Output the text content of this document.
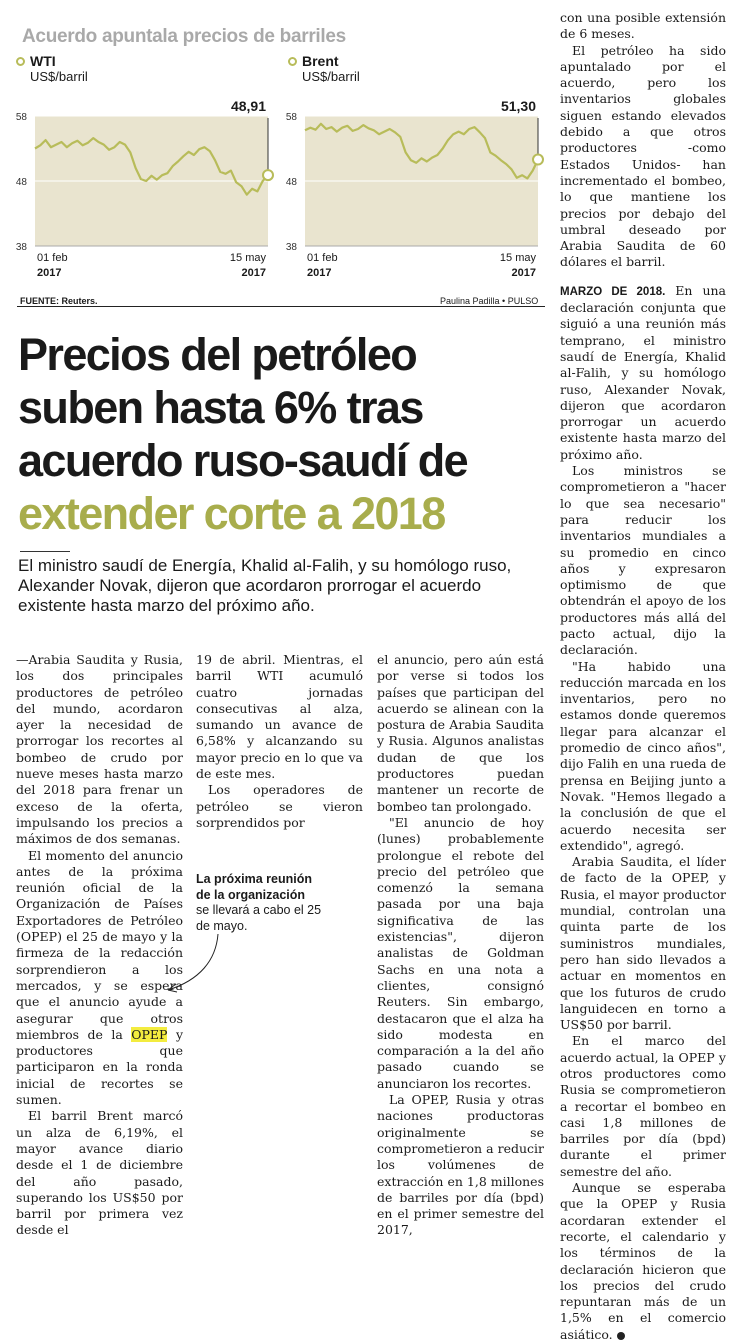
Acuerdo apuntala precios de barriles
WTI
US$/barril
Brent
US$/barril
58
48
38
48,91
01 feb
2017
15 may
2017
58
48
38
51,30
01 feb
2017
15 may
2017
FUENTE: Reuters.	Paulina Padilla • PULSO
Precios del petróleo
suben hasta 6% tras
acuerdo ruso-saudí de
extender corte a 2018
El ministro saudí de Energía, Khalid al-Falih, y su homólogo ruso, Alexander Novak, dijeron que acordaron prorrogar el acuerdo existente hasta marzo del próximo año.

—Arabia Saudita y Rusia, los dos principales productores de petróleo del mundo, acordaron ayer la necesidad de prorrogar los recortes al bombeo de crudo por nueve meses hasta marzo del 2018 para frenar un exceso de la oferta, impulsando los precios a máximos de dos semanas.

El momento del anuncio antes de la próxima reunión oficial de la Organización de Países Exportadores de Petróleo (OPEP) el 25 de mayo y la firmeza de la redacción sorprendieron a los mercados, y se espera que el anuncio ayude a asegurar que otros miembros de la OPEP y productores que participaron en la ronda inicial de recortes se sumen.

El barril Brent marcó un alza de 6,19%, el mayor avance diario desde el 1 de diciembre del año pasado, superando los US$50 por barril por primera vez desde el

19 de abril. Mientras, el barril WTI acumuló cuatro jornadas consecutivas al alza, sumando un avance de 6,58% y alcanzando su mayor precio en lo que va de este mes.

Los operadores de petróleo se vieron sorprendidos por

La próxima reunión de la organización
se llevará a cabo el 25 de mayo.

el anuncio, pero aún está por verse si todos los países que participan del acuerdo se alinean con la postura de Arabia Saudita y Rusia. Algunos analistas dudan de que los productores puedan mantener un recorte de bombeo tan prolongado.

"El anuncio de hoy (lunes) probablemente prolongue el rebote del precio del petróleo que comenzó la semana pasada por una baja significativa de las existencias", dijeron analistas de Goldman Sachs en una nota a clientes, consignó Reuters. Sin embargo, destacaron que el alza ha sido modesta en comparación a la del año pasado cuando se anunciaron los recortes.

La OPEP, Rusia y otras naciones productoras originalmente se comprometieron a reducir los volúmenes de extracción en 1,8 millones de barriles por día (bpd) en el primer semestre del 2017,

con una posible extensión de 6 meses.

El petróleo ha sido apuntalado por el acuerdo, pero los inventarios globales siguen estando elevados debido a que otros productores -como Estados Unidos- han incrementado el bombeo, lo que mantiene los precios por debajo del umbral deseado por Arabia Saudita de 60 dólares el barril.

MARZO DE 2018. En una declaración conjunta que siguió a una reunión más temprano, el ministro saudí de Energía, Khalid al-Falih, y su homólogo ruso, Alexander Novak, dijeron que acordaron prorrogar un acuerdo existente hasta marzo del próximo año.

Los ministros se comprometieron a "hacer lo que sea necesario" para reducir los inventarios mundiales a su promedio en cinco años y expresaron optimismo de que obtendrán el apoyo de los productores más allá del pacto actual, dijo la declaración.

"Ha habido una reducción marcada en los inventarios, pero no estamos donde queremos llegar para alcanzar el promedio de cinco años", dijo Falih en una rueda de prensa en Beijing junto a Novak. "Hemos llegado a la conclusión de que el acuerdo necesita ser extendido", agregó.

Arabia Saudita, el líder de facto de la OPEP, y Rusia, el mayor productor mundial, controlan una quinta parte de los suministros mundiales, pero han sido llevados a actuar en momentos en que los futuros de crudo languidecen en torno a US$50 por barril.

En el marco del acuerdo actual, la OPEP y otros productores como Rusia se comprometieron a recortar el bombeo en casi 1,8 millones de barriles por día (bpd) durante el primer semestre del año.

Aunque se esperaba que la OPEP y Rusia acordaran extender el recorte, el calendario y los términos de la declaración hicieron que los precios del crudo repuntaran más de un 1,5% en el comercio asiático.
